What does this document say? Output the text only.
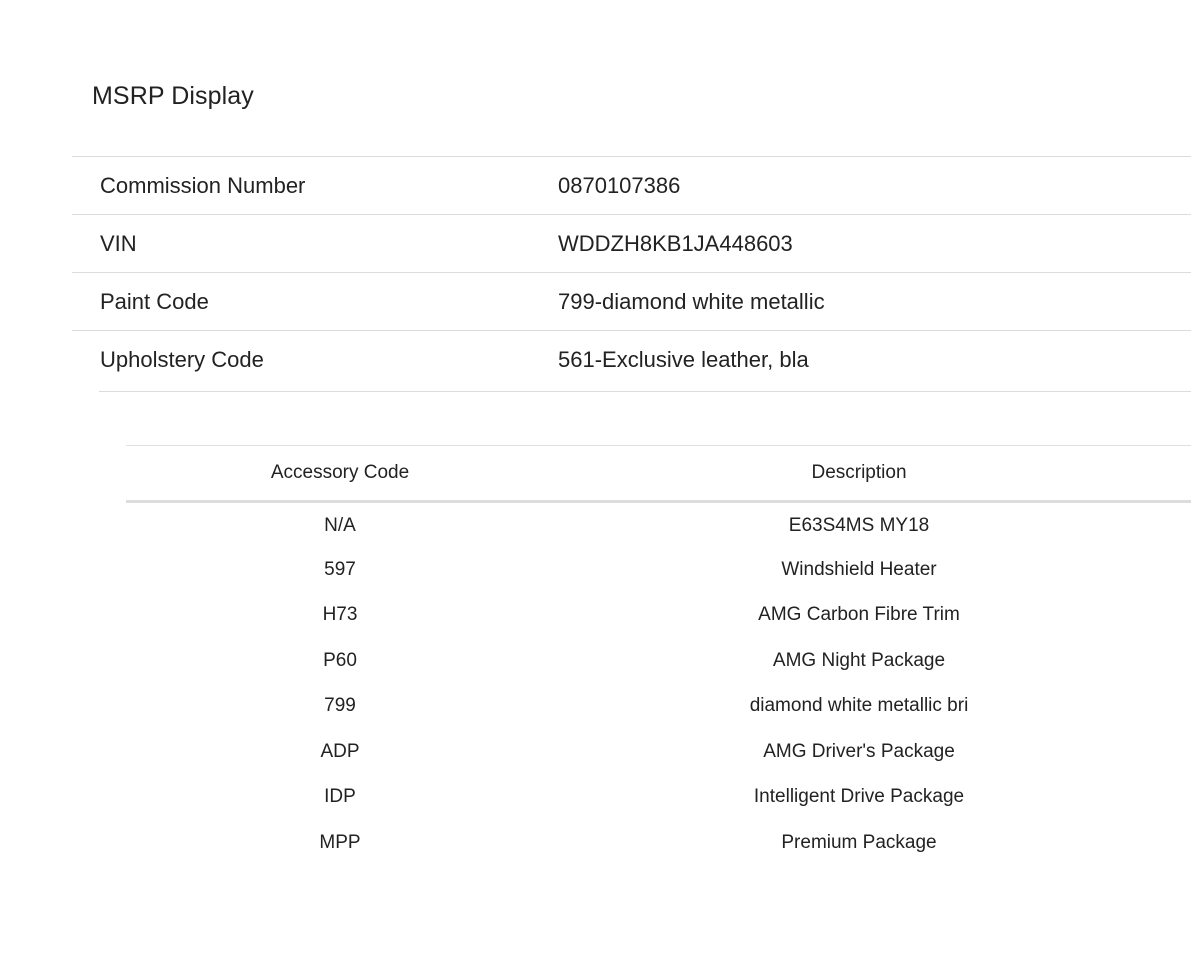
MSRP Display
Commission Number	0870107386
VIN	WDDZH8KB1JA448603
Paint Code	799-diamond white metallic
Upholstery Code	561-Exclusive leather, bla
Accessory Code	Description
N/A	E63S4MS MY18
597	Windshield Heater
H73	AMG Carbon Fibre Trim
P60	AMG Night Package
799	diamond white metallic bri
ADP	AMG Driver's Package
IDP	Intelligent Drive Package
MPP	Premium Package
